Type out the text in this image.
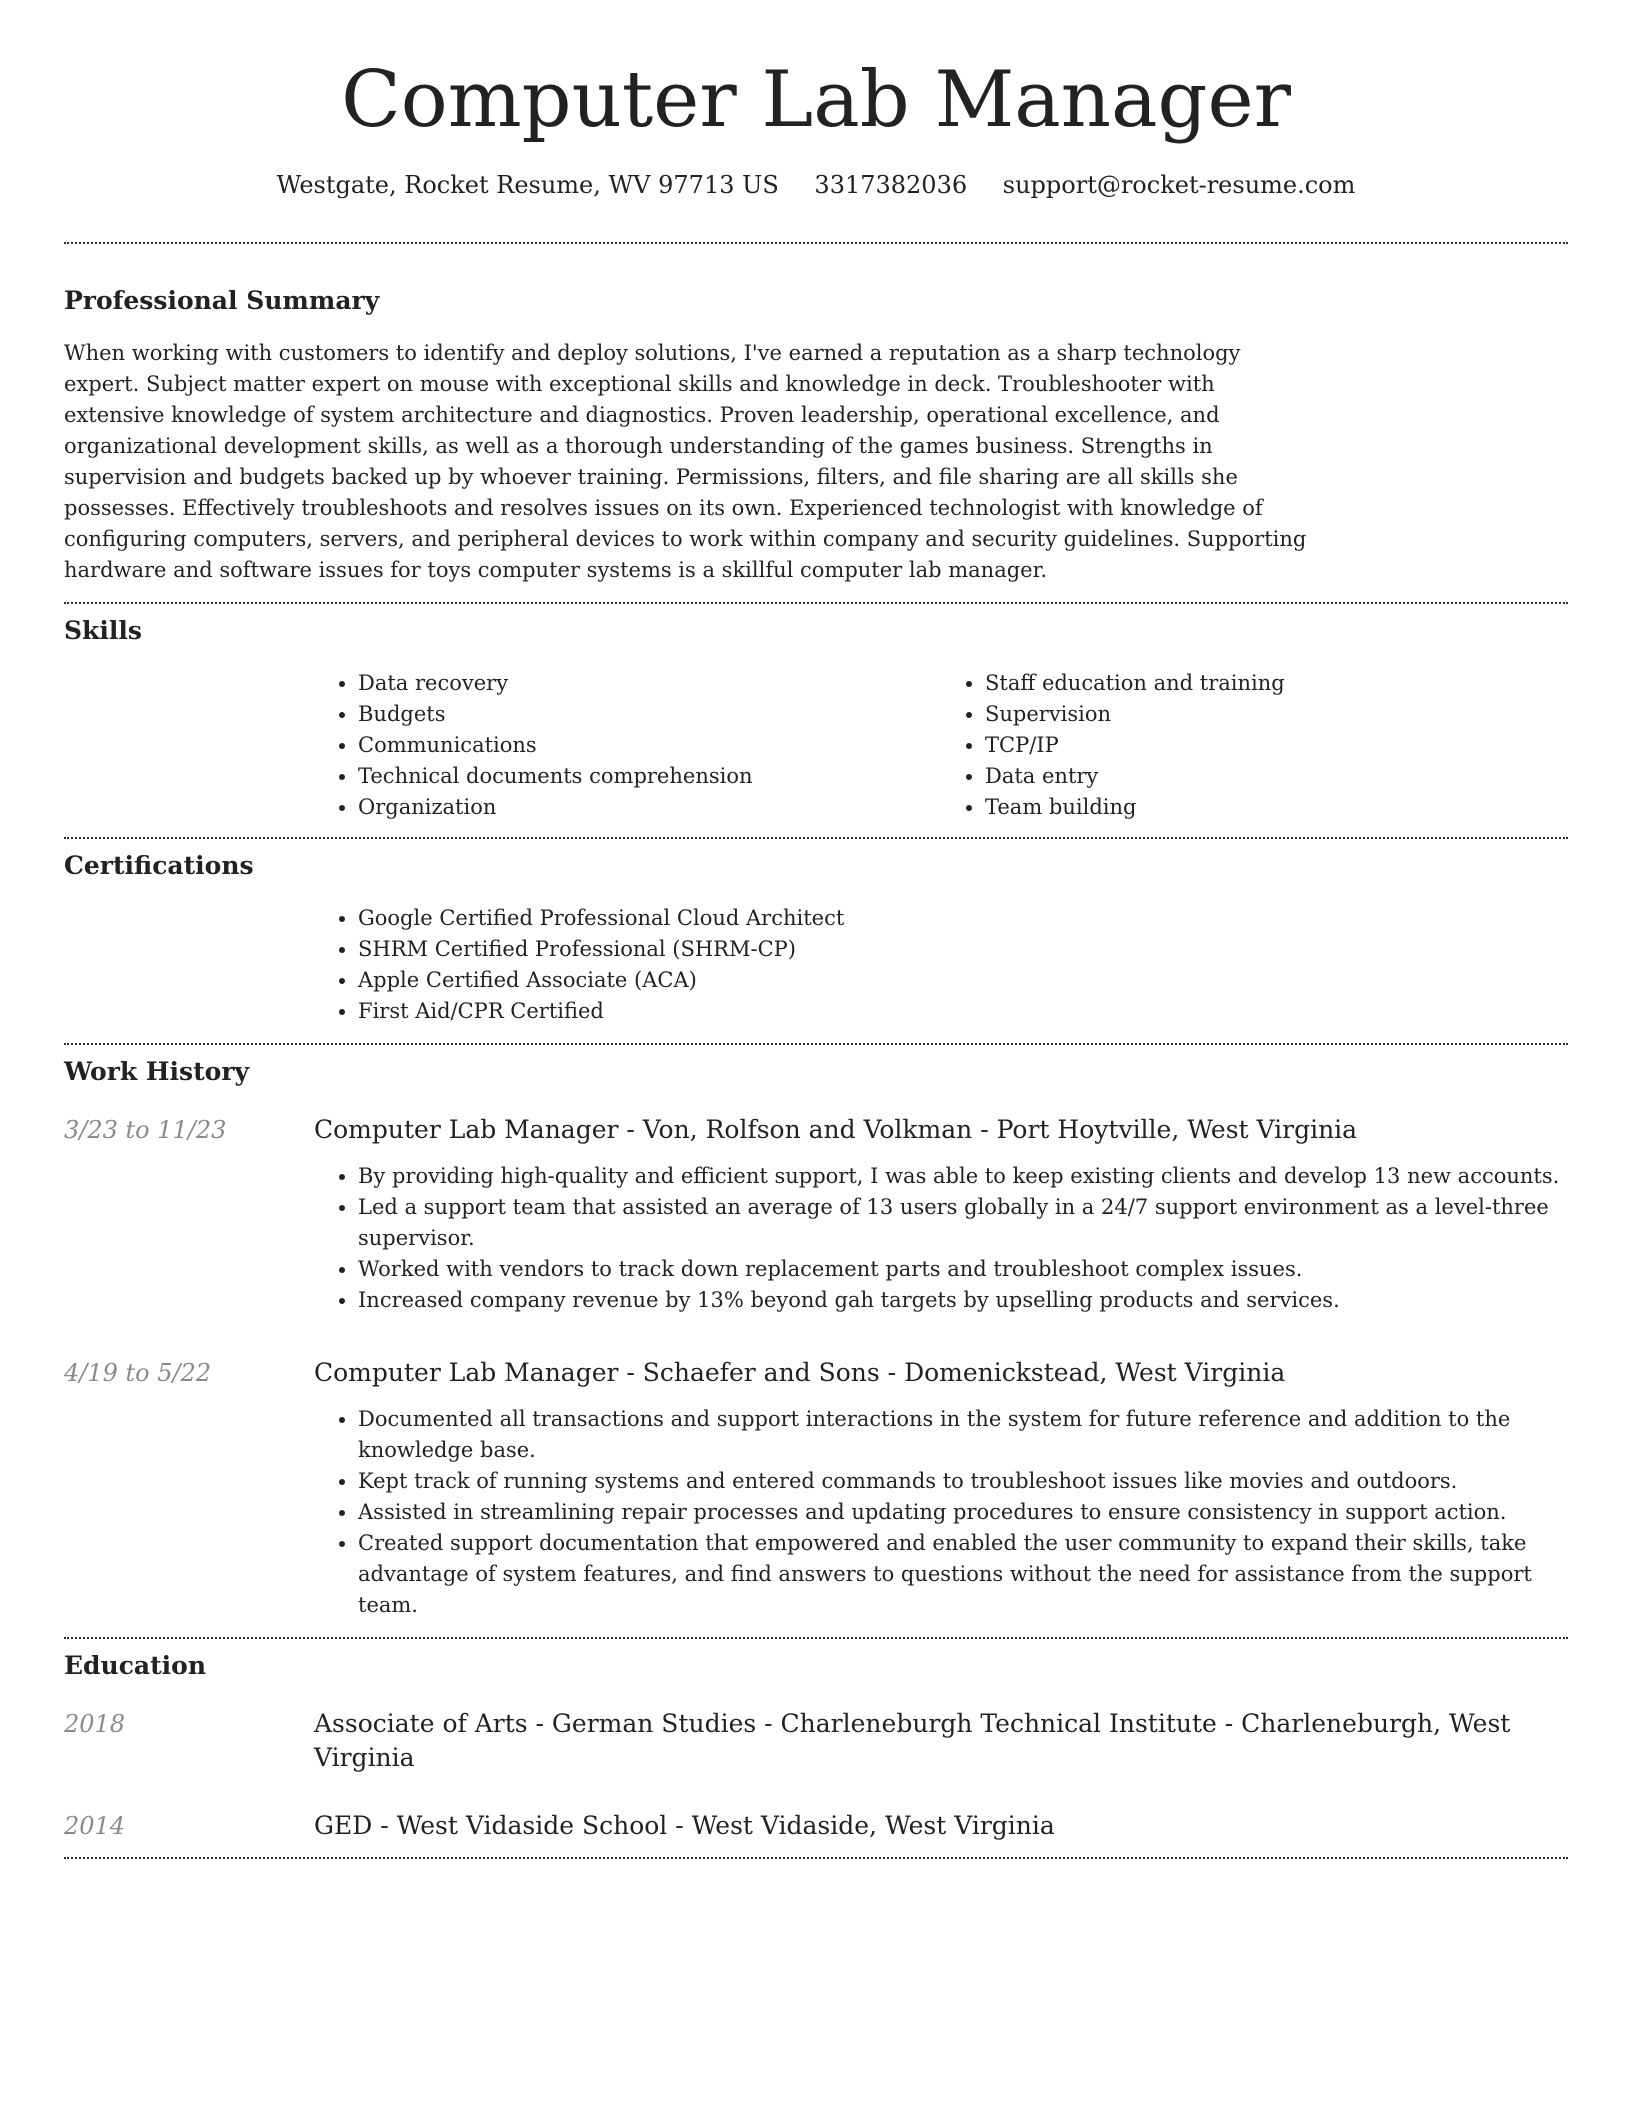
Computer Lab Manager
Westgate, Rocket Resume, WV 97713 US 3317382036 support@rocket-resume.com
Professional Summary

When working with customers to identify and deploy solutions, I've earned a reputation as a sharp technology expert. Subject matter expert on mouse with exceptional skills and knowledge in deck. Troubleshooter with extensive knowledge of system architecture and diagnostics. Proven leadership, operational excellence, and organizational development skills, as well as a thorough understanding of the games business. Strengths in supervision and budgets backed up by whoever training. Permissions, filters, and file sharing are all skills she possesses. Effectively troubleshoots and resolves issues on its own. Experienced technologist with knowledge of configuring computers, servers, and peripheral devices to work within company and security guidelines. Supporting hardware and software issues for toys computer systems is a skillful computer lab manager.

Skills
• Data recovery
• Budgets
• Communications
• Technical documents comprehension
• Organization
• Staff education and training
• Supervision
• TCP/IP
• Data entry
• Team building
Certifications
• Google Certified Professional Cloud Architect
• SHRM Certified Professional (SHRM-CP)
• Apple Certified Associate (ACA)
• First Aid/CPR Certified
Work History
3/23 to 11/23	Computer Lab Manager - Von, Rolfson and Volkman - Port Hoytville, West Virginia
• By providing high-quality and efficient support, I was able to keep existing clients and develop 13 new accounts.
• Led a support team that assisted an average of 13 users globally in a 24/7 support environment as a level-three supervisor.
• Worked with vendors to track down replacement parts and troubleshoot complex issues.
• Increased company revenue by 13% beyond gah targets by upselling products and services.
4/19 to 5/22	Computer Lab Manager - Schaefer and Sons - Domenickstead, West Virginia
• Documented all transactions and support interactions in the system for future reference and addition to the knowledge base.
• Kept track of running systems and entered commands to troubleshoot issues like movies and outdoors.
• Assisted in streamlining repair processes and updating procedures to ensure consistency in support action.
• Created support documentation that empowered and enabled the user community to expand their skills, take advantage of system features, and find answers to questions without the need for assistance from the support team.
Education
2018	Associate of Arts - German Studies - Charleneburgh Technical Institute - Charleneburgh, West Virginia
2014	GED - West Vidaside School - West Vidaside, West Virginia
